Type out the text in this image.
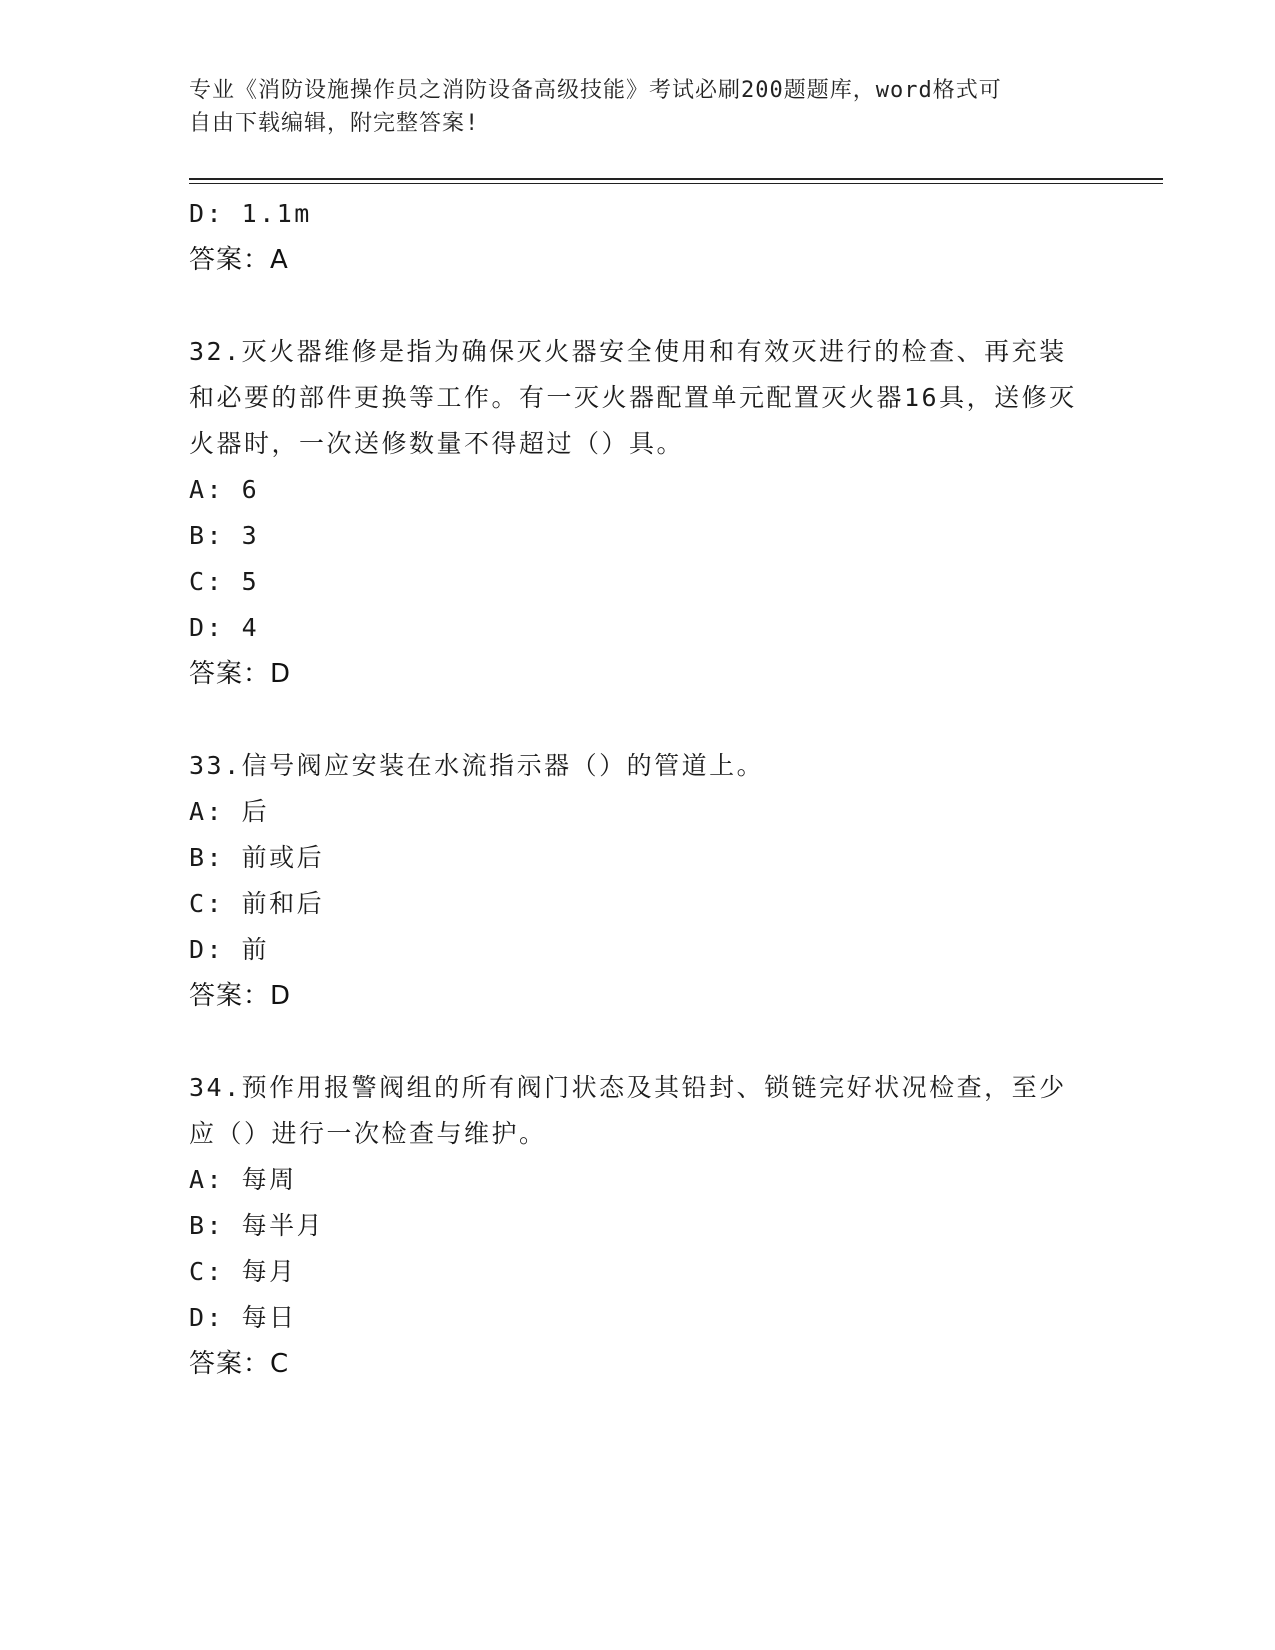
专业《消防设施操作员之消防设备高级技能》考试必刷200题题库，word格式可
自由下载编辑，附完整答案!
D: 1.1m
答案：A
32.灭火器维修是指为确保灭火器安全使用和有效灭进行的检查、再充装和必要的部件更换等工作。有一灭火器配置单元配置灭火器16具，送修灭火器时，一次送修数量不得超过（）具。
A: 6
B: 3
C: 5
D: 4
答案：D
33.信号阀应安装在水流指示器（）的管道上。
A: 后
B: 前或后
C: 前和后
D: 前
答案：D
34.预作用报警阀组的所有阀门状态及其铅封、锁链完好状况检查，至少应（）进行一次检查与维护。
A: 每周
B: 每半月
C: 每月
D: 每日
答案：C
